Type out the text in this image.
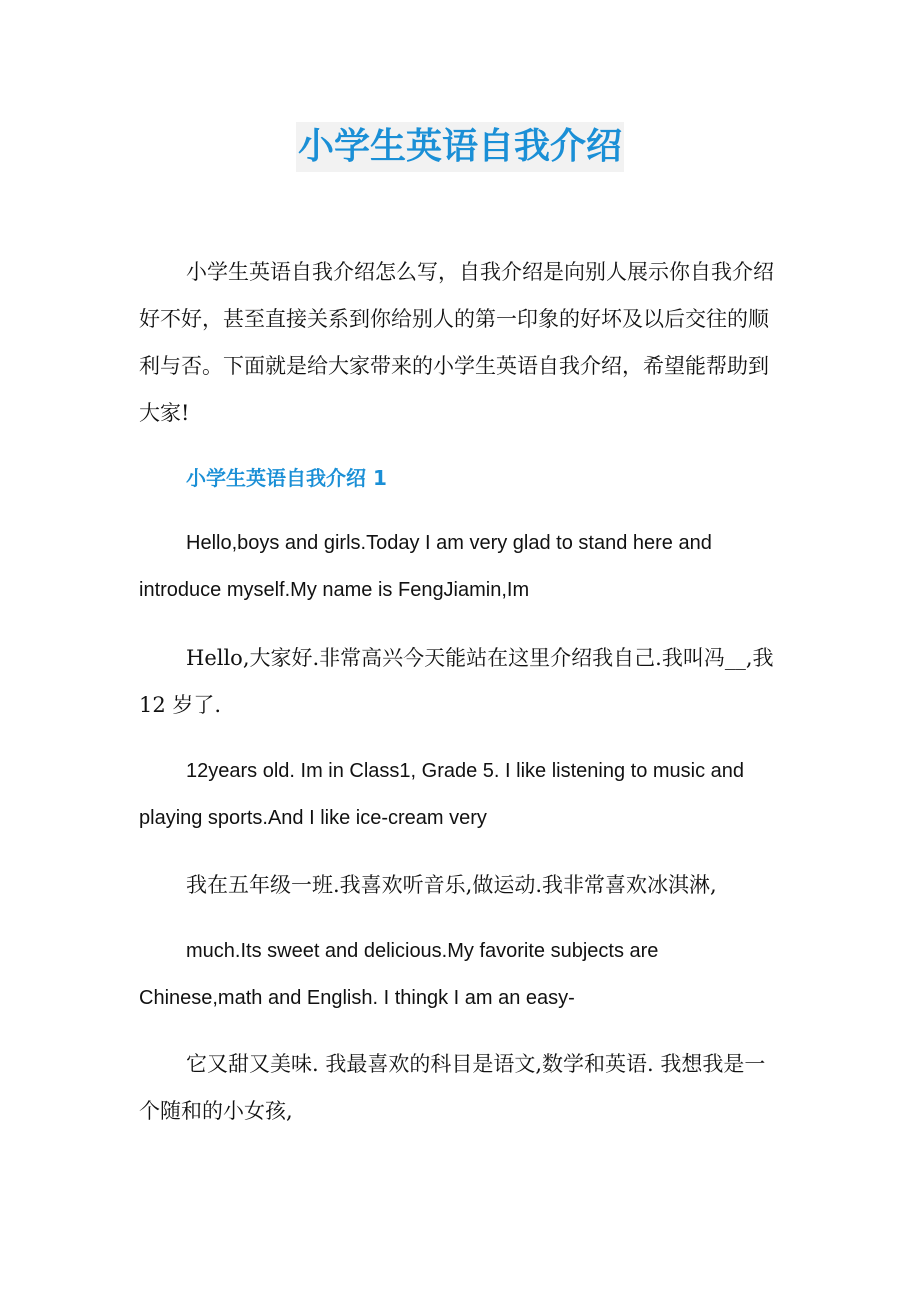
小学生英语自我介绍

小学生英语自我介绍怎么写，自我介绍是向别人展示你自我介绍好不好，甚至直接关系到你给别人的第一印象的好坏及以后交往的顺利与否。下面就是给大家带来的小学生英语自我介绍，希望能帮助到大家!

小学生英语自我介绍 1

Hello,boys and girls.Today I am very glad to stand here and introduce myself.My name is FengJiamin,Im

Hello,大家好.非常高兴今天能站在这里介绍我自己.我叫冯__,我 12 岁了.

12years old. Im in Class1, Grade 5. I like listening to music and playing sports.And I like ice-cream very

我在五年级一班.我喜欢听音乐,做运动.我非常喜欢冰淇淋,

much.Its sweet and delicious.My favorite subjects are Chinese,math and English. I thingk I am an easy-

它又甜又美味. 我最喜欢的科目是语文,数学和英语. 我想我是一个随和的小女孩,
